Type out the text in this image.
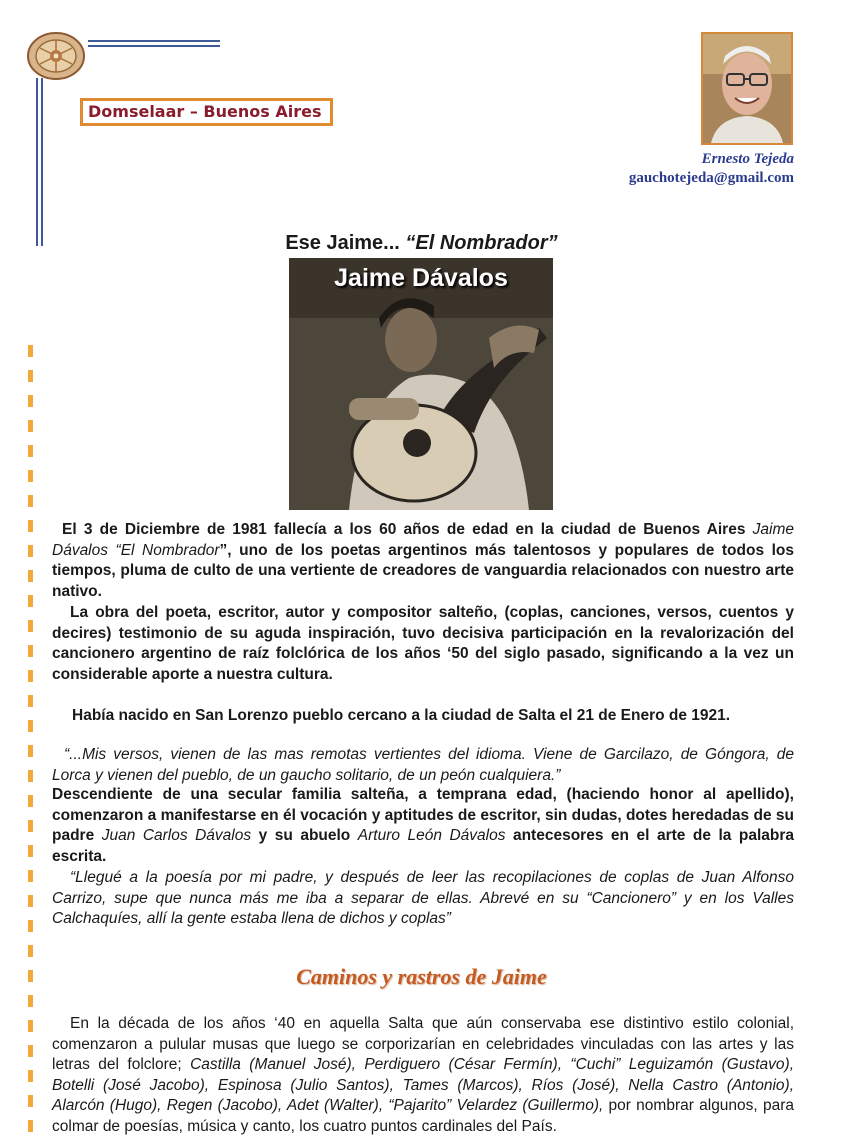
Domselaar – Buenos Aires
Ernesto Tejeda
gauchotejeda@gmail.com
Ese Jaime... “El Nombrador”
Jaime Dávalos
El 3 de Diciembre de 1981 fallecía a los 60 años de edad en la ciudad de Buenos Aires Jaime Dávalos “El Nombrador”, uno de los poetas argentinos más talentosos y populares de todos los tiempos, pluma de culto de una vertiente de creadores de vanguardia relacionados con nuestro arte nativo.
La obra del poeta, escritor, autor y compositor salteño, (coplas, canciones, versos, cuentos y decires) testimonio de su aguda inspiración, tuvo decisiva participación en la revalorización del cancionero argentino de raíz folclórica de los años ‘50 del siglo pasado, significando a la vez un considerable aporte a nuestra cultura.
Había nacido en San Lorenzo pueblo cercano a la ciudad de Salta el 21 de Enero de 1921.
“...Mis versos, vienen de las mas remotas vertientes del idioma. Viene de Garcilazo, de Góngora, de Lorca y vienen del pueblo, de un gaucho solitario, de un peón cualquiera.”
Descendiente de una secular familia salteña, a temprana edad, (haciendo honor al apellido), comenzaron a manifestarse en él vocación y aptitudes de escritor, sin dudas, dotes heredadas de su padre Juan Carlos Dávalos y su abuelo Arturo León Dávalos antecesores en el arte de la palabra escrita.
“Llegué a la poesía por mi padre, y después de leer las recopilaciones de coplas de Juan Alfonso Carrizo, supe que nunca más me iba a separar de ellas. Abrevé en su “Cancionero” y en los Valles Calchaquíes, allí la gente estaba llena de dichos y coplas”
Caminos y rastros de Jaime
En la década de los años ‘40 en aquella Salta que aún conservaba ese distintivo estilo colonial, comenzaron a pulular musas que luego se corporizarían en celebridades vinculadas con las artes y las letras del folclore; Castilla (Manuel José), Perdiguero (César Fermín), “Cuchi” Leguizamón (Gustavo), Botelli (José Jacobo), Espinosa (Julio Santos), Tames (Marcos), Ríos (José), Nella Castro (Antonio), Alarcón (Hugo), Regen (Jacobo), Adet (Walter), “Pajarito” Velardez (Guillermo), por nombrar algunos, para colmar de poesías, música y canto, los cuatro puntos cardinales del País.
